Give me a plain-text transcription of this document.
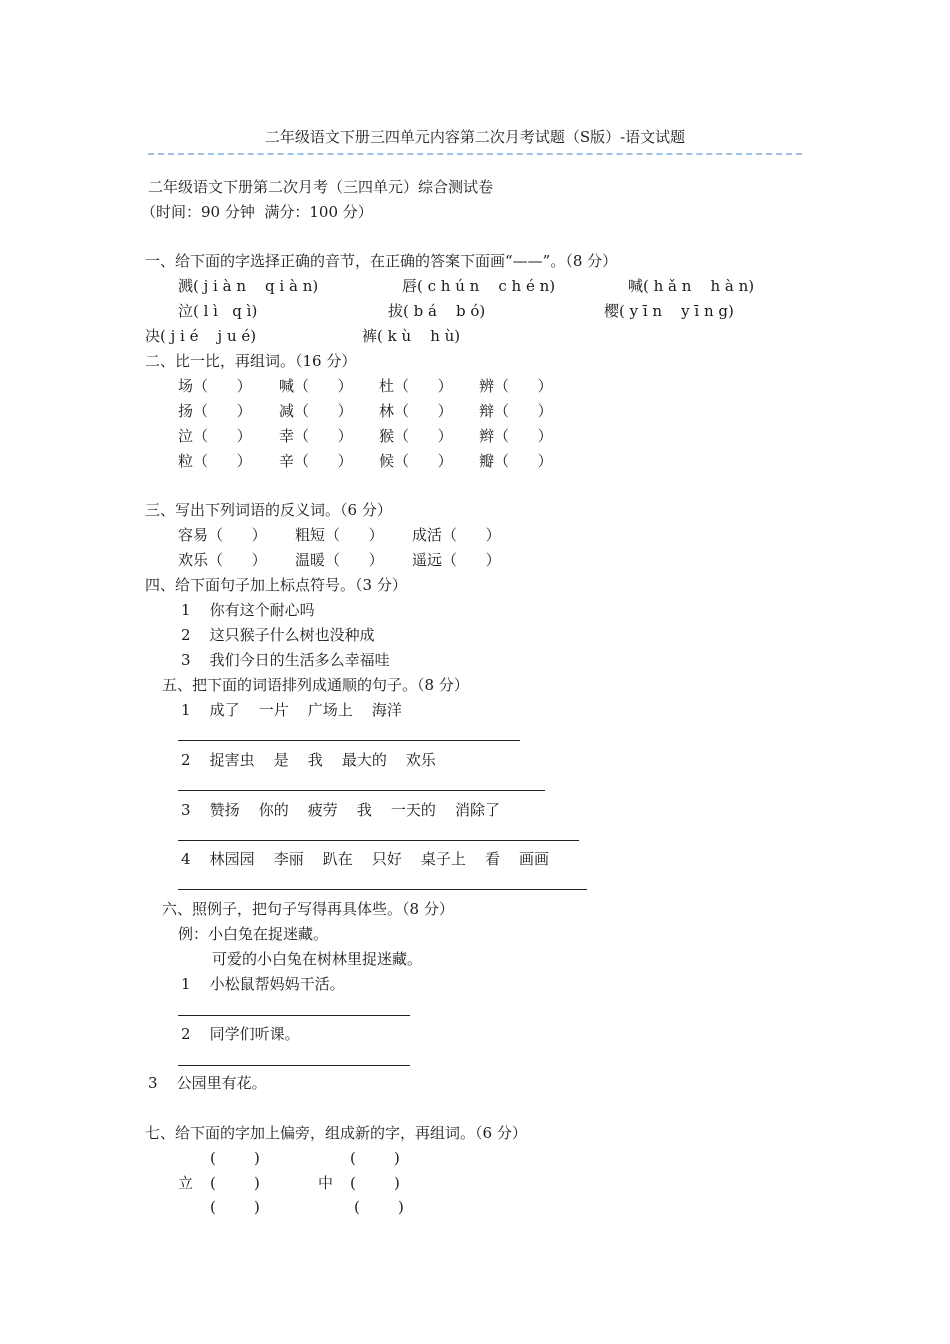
二年级语文下册三四单元内容第二次月考试题（S版）-语文试题
二年级语文下册第二次月考（三四单元）综合测试卷
（时间：90 分钟  满分：100 分）
一、给下面的字选择正确的音节，在正确的答案下面画“——”。（8 分）
溅( j i à n    q i à n)	唇( c h ú n    c h é n)	喊( h ǎ n    h à n)
泣( l ì   q ì)	拔( b á    b ó)	樱( y ī n    y ī n g)
决( j i é    j u é)	裤( k ù    h ù)
二、比一比，再组词。（16 分）
场（      ） 喊（      ） 杜（      ） 辨（      ）
扬（      ） 减（      ） 林（      ） 辩（      ）
泣（      ） 幸（      ） 猴（      ） 辫（      ）
粒（      ） 辛（      ） 候（      ） 瓣（      ）
三、写出下列词语的反义词。（6 分）
容易（      ） 粗短（      ） 成活（      ）
欢乐（      ） 温暖（      ） 遥远（      ）
四、给下面句子加上标点符号。（3 分）
1    你有这个耐心吗
2    这只猴子什么树也没种成
3    我们今日的生活多么幸福哇
五、把下面的词语排列成通顺的句子。（8 分）
1    成了    一片    广场上    海洋
2    捉害虫    是    我    最大的    欢乐
3    赞扬    你的    疲劳    我    一天的    消除了
4    林园园    李丽    趴在    只好    桌子上    看    画画
六、照例子，把句子写得再具体些。（8 分）
例：小白兔在捉迷藏。
可爱的小白兔在树林里捉迷藏。
1    小松鼠帮妈妈干活。
2    同学们听课。
3    公园里有花。
七、给下面的字加上偏旁，组成新的字，再组词。（6 分）
(        )	(        )
立 (        )	中 (        )
(        )	(        )
